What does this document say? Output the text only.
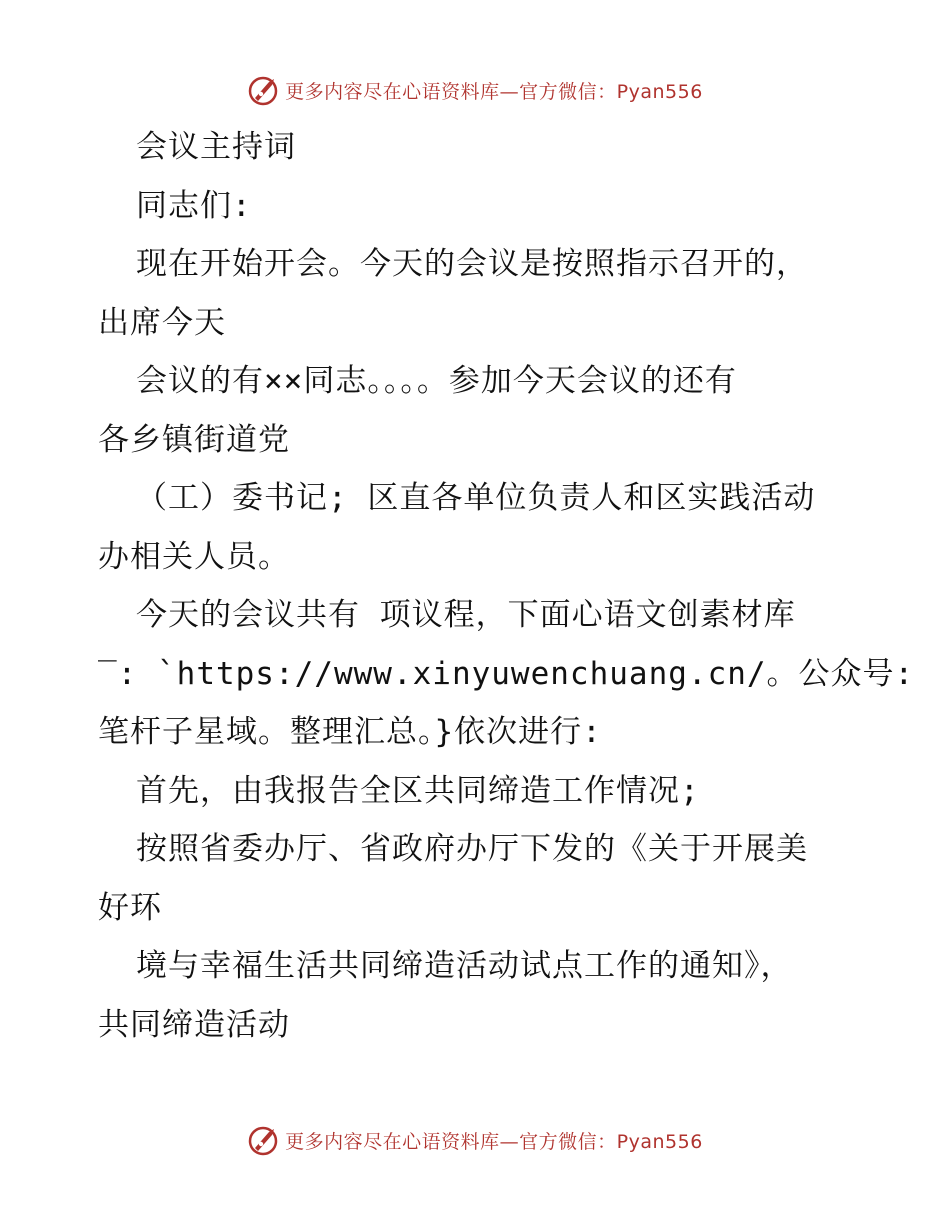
更多内容尽在心语资料库—官方微信：Pyan556
会议主持词
同志们:
现在开始开会。今天的会议是按照指示召开的，
出席今天
会议的有××同志。。。。参加今天会议的还有
各乡镇街道党
（工）委书记; 区直各单位负责人和区实践活动
办相关人员。
今天的会议共有 项议程，下面心语文创素材库
‾: `https://www.xinyuwenchuang.cn/。公众号:
笔杆子星域。整理汇总。}依次进行:
首先，由我报告全区共同缔造工作情况;
按照省委办厅、省政府办厅下发的《关于开展美
好环
境与幸福生活共同缔造活动试点工作的通知》，
共同缔造活动
更多内容尽在心语资料库—官方微信：Pyan556
